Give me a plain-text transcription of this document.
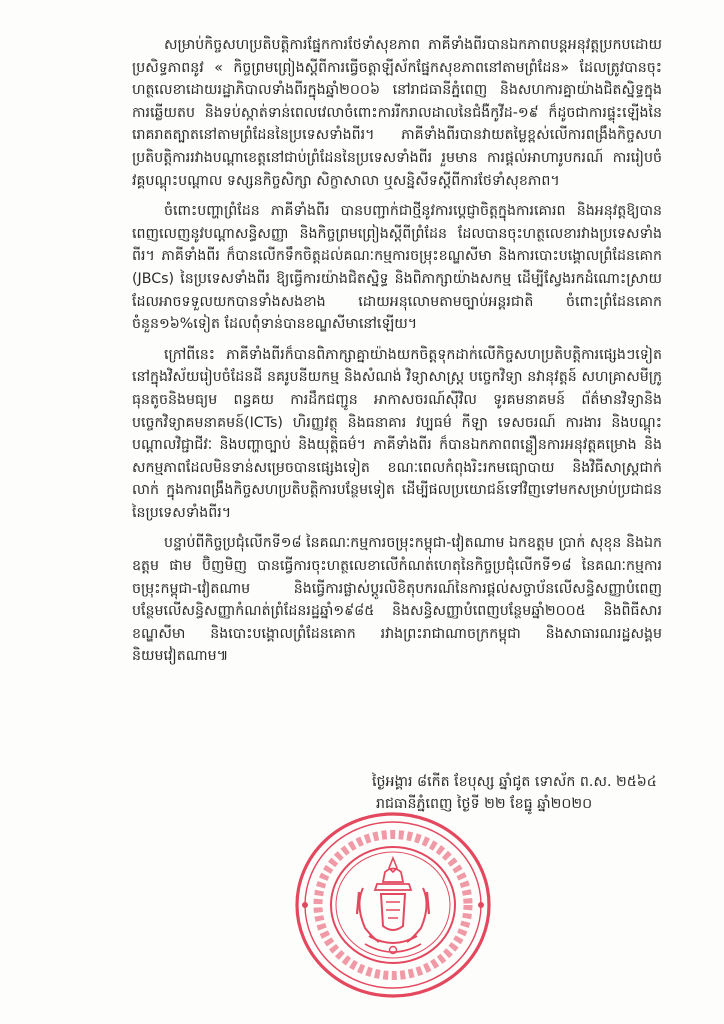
សម្រាប់កិច្ចសហប្រតិបត្តិការផ្នែកការថែទាំសុខភាព ភាគីទាំងពីរបានឯកភាពបន្តអនុវត្តប្រកបដោយប្រសិទ្ធភាពនូវ « កិច្ចព្រមព្រៀងស្តីពីការធ្វើចត្តាឡីស័កផ្នែកសុខភាពនៅតាមព្រំដែន» ដែលត្រូវបានចុះហត្ថលេខាដោយរដ្ឋាភិបាលទាំងពីរក្នុងឆ្នាំ២០០៦ នៅរាជធានីភ្នំពេញ និងសហការគ្នាយ៉ាងជិតស្និទ្ធក្នុងការឆ្លើយតប និងទប់ស្កាត់ទាន់ពេលវេលាចំពោះការរីករាលដាលនៃជំងឺកូវីដ-១៩ ក៏ដូចជាការផ្ទុះឡើងនៃរោគរាតត្បាតនៅតាមព្រំដែននៃប្រទេសទាំងពីរ។ ភាគីទាំងពីរបានវាយតម្លៃខ្ពស់លើការពង្រឹងកិច្ចសហប្រតិបត្តិការរវាងបណ្តាខេត្តនៅជាប់ព្រំដែននៃប្រទេសទាំងពីរ រួមមាន ការផ្តល់អាហារូបករណ៍ ការរៀបចំវគ្គបណ្តុះបណ្តាល ទស្សនកិច្ចសិក្សា សិក្ខាសាលា ឬសន្និសីទស្តីពីការថែទាំសុខភាព។

ចំពោះបញ្ហាព្រំដែន ភាគីទាំងពីរ បានបញ្ជាក់ជាថ្មីនូវការប្តេជ្ញាចិត្តក្នុងការគោរព និងអនុវត្តឱ្យបានពេញលេញនូវបណ្តាសន្ធិសញ្ញា និងកិច្ចព្រមព្រៀងស្តីពីព្រំដែន ដែលបានចុះហត្ថលេខារវាងប្រទេសទាំងពីរ។ ភាគីទាំងពីរ ក៏បានលើកទឹកចិត្តដល់គណៈកម្មការចម្រុះខណ្ឌសីមា និងការបោះបង្គោលព្រំដែនគោក (JBCs) នៃប្រទេសទាំងពីរ ឱ្យធ្វើការយ៉ាងជិតស្និទ្ធ និងពិភាក្សាយ៉ាងសកម្ម ដើម្បីស្វែងរកដំណោះស្រាយដែលអាចទទួលយកបានទាំងសងខាង ដោយអនុលោមតាមច្បាប់អន្តរជាតិ ចំពោះព្រំដែនគោកចំនួន១៦%ទៀត ដែលពុំទាន់បានខណ្ឌសីមានៅឡើយ។

ក្រៅពីនេះ ភាគីទាំងពីរក៏បានពិភាក្សាគ្នាយ៉ាងយកចិត្តទុកដាក់លើកិច្ចសហប្រតិបត្តិការផ្សេងៗទៀត នៅក្នុងវិស័យរៀបចំដែនដី នគរូបនីយកម្ម និងសំណង់ វិទ្យាសាស្ត្រ បច្ចេកវិទ្យា នវានុវត្តន៍ សហគ្រាសមីក្រូ ធុនតូចនិងមធ្យម ពន្ធគយ ការដឹកជញ្ជូន អាកាសចរណ៍ស៊ីវិល ទូរគមនាគមន៍ ព័ត៌មានវិទ្យានិងបច្ចេកវិទ្យាគមនាគមន៍(ICTs) ហិរញ្ញវត្ថុ និងធនាគារ វប្បធម៌ កីឡា ទេសចរណ៍ ការងារ និងបណ្តុះបណ្តាលវិជ្ជាជីវៈ និងបញ្ហាច្បាប់ និងយុត្តិធម៌។ ភាគីទាំងពីរ ក៏បានឯកភាពពន្លឿនការអនុវត្តគម្រោង និងសកម្មភាពដែលមិនទាន់សម្រេចបានផ្សេងទៀត ខណៈពេលកំពុងរិះរកមធ្យោបាយ និងវិធីសាស្ត្រជាក់លាក់ ក្នុងការពង្រឹងកិច្ចសហប្រតិបត្តិការបន្ថែមទៀត ដើម្បីផលប្រយោជន៍ទៅវិញទៅមកសម្រាប់ប្រជាជននៃប្រទេសទាំងពីរ។

បន្ទាប់ពីកិច្ចប្រជុំលើកទី១៨ នៃគណៈកម្មការចម្រុះកម្ពុជា-វៀតណាម ឯកឧត្តម ប្រាក់ សុខុន និងឯកឧត្តម ផាម ប៊ិញមិញ បានធ្វើការចុះហត្ថលេខាលើកំណត់ហេតុនៃកិច្ចប្រជុំលើកទី១៨ នៃគណៈកម្មការចម្រុះកម្ពុជា-វៀតណាម និងធ្វើការផ្លាស់ប្តូរលិខិតុបករណ៍នៃការផ្តល់សច្ចាប័នលើសន្ធិសញ្ញាបំពេញបន្ថែមលើសន្ធិសញ្ញាកំណត់ព្រំដែនរដ្ឋឆ្នាំ១៩៨៥ និងសន្ធិសញ្ញាបំពេញបន្ថែមឆ្នាំ២០០៥ និងពិធីសារខណ្ឌសីមា និងបោះបង្គោលព្រំដែនគោក រវាងព្រះរាជាណាចក្រកម្ពុជា និងសាធារណរដ្ឋសង្គមនិយមវៀតណាម៕

ថ្ងៃអង្គារ ៨កើត ខែបុស្ស ឆ្នាំជូត ទោស័ក ព.ស. ២៥៦៤
រាជធានីភ្នំពេញ ថ្ងៃទី ២២ ខែធ្នូ ឆ្នាំ២០២០
